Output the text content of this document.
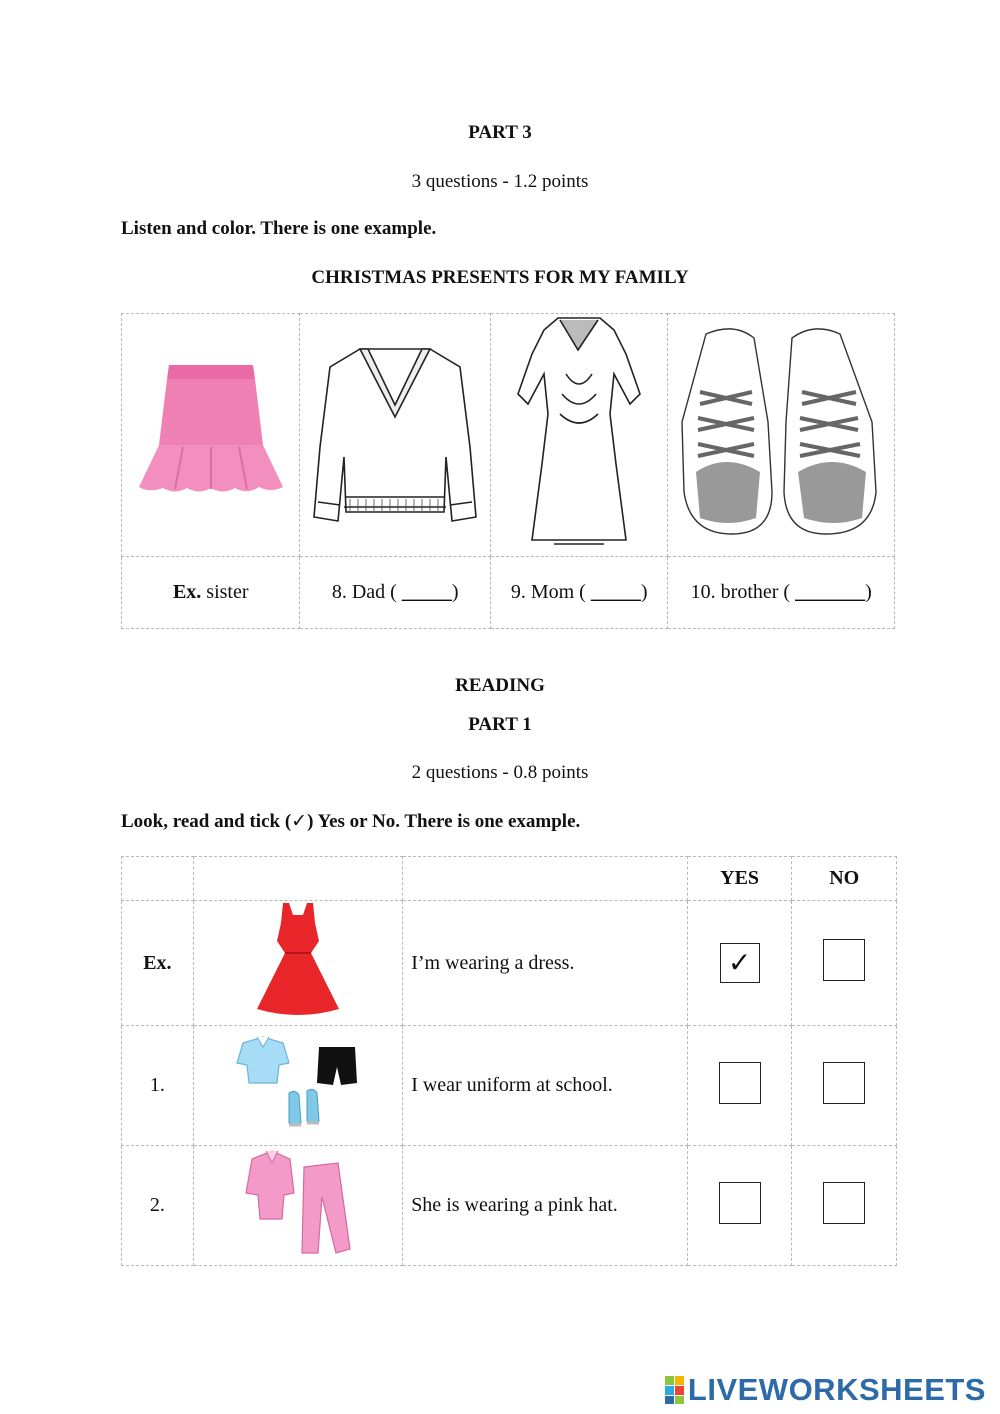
PART 3
3 questions - 1.2 points
Listen and color. There is one example.
CHRISTMAS PRESENTS FOR MY FAMILY

Ex. sister	8. Dad ( _____)	9. Mom ( _____)	10. brother ( _______)
READING
PART 1
2 questions - 0.8 points
Look, read and tick (✓) Yes or No. There is one example.
			YES	NO
Ex.		I’m wearing a dress.	✓	
1.		I wear uniform at school.		
2.		She is wearing a pink hat.		
LIVEWORKSHEETS
